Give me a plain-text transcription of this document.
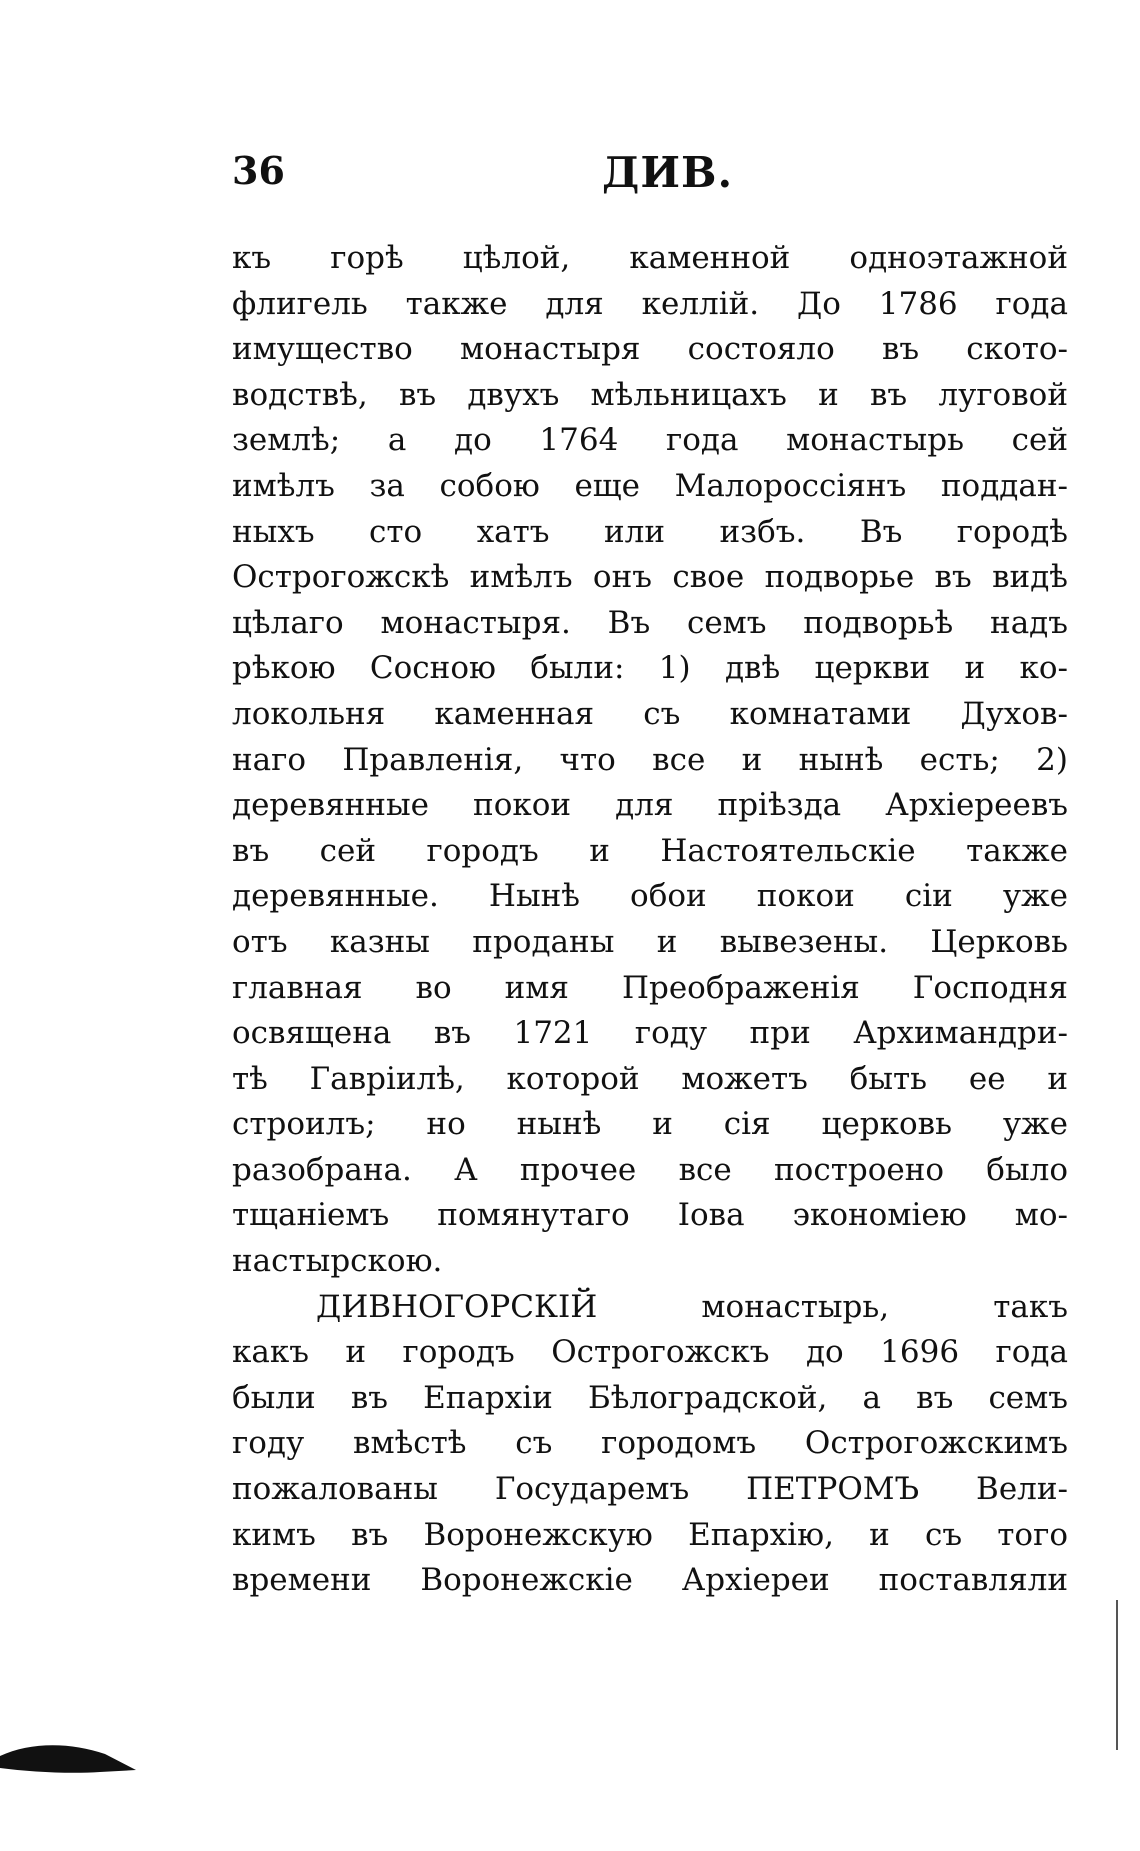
36	ДИВ.
къ горѣ цѣлой, каменной одноэтажной
флигель также для келлій. До 1786 года
имущество монастыря состояло въ ското-
водствѣ, въ двухъ мѣльницахъ и въ луговой
землѣ; а до 1764 года монастырь сей
имѣлъ за собою еще Малороссіянъ поддан-
ныхъ сто хатъ или избъ. Въ городѣ
Острогожскѣ имѣлъ онъ свое подворье въ видѣ
цѣлаго монастыря. Въ семъ подворьѣ надъ
рѣкою Сосною были: 1) двѣ церкви и ко-
локольня каменная съ комнатами Духов-
наго Правленія, что все и нынѣ есть; 2)
деревянные покои для пріѣзда Архіереевъ
въ сей городъ и Настоятельскіе также
деревянные. Нынѣ обои покои сіи уже
отъ казны проданы и вывезены. Церковь
главная во имя Преображенія Господня
освящена въ 1721 году при Архимандри-
тѣ Гавріилѣ, которой можетъ быть ее и
строилъ; но нынѣ и сія церковь уже
разобрана. А прочее все построено было
тщаніемъ помянутаго Іова экономіею мо-
настырскою.
ДИВНОГОРСКІЙ монастырь, такъ
какъ и городъ Острогожскъ до 1696 года
были въ Епархіи Бѣлоградской, а въ семъ
году вмѣстѣ съ городомъ Острогожскимъ
пожалованы Государемъ ПЕТРОМЪ Вели-
кимъ въ Воронежскую Епархію, и съ того
времени Воронежскіе Архіереи поставляли
